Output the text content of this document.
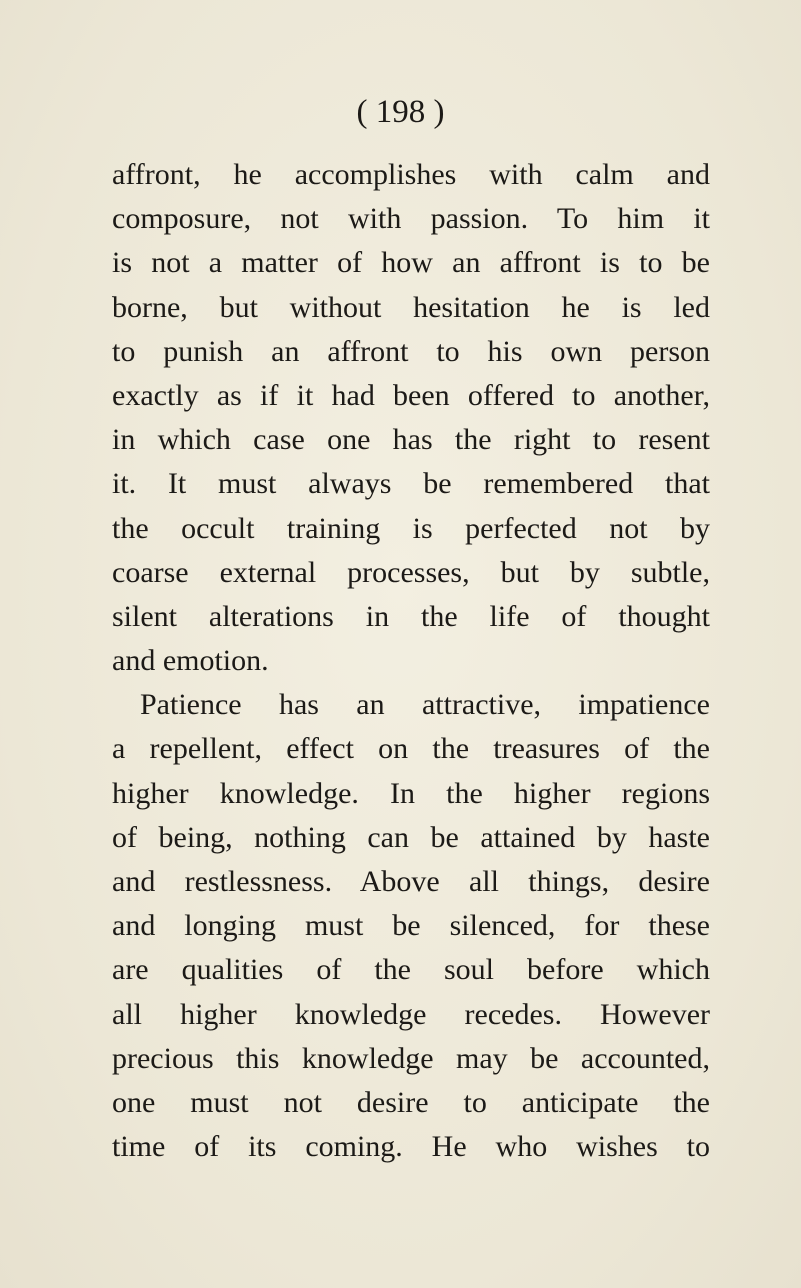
( 198 )
affront, he accomplishes with calm and
composure, not with passion. To him it
is not a matter of how an affront is to be
borne, but without hesitation he is led
to punish an affront to his own person
exactly as if it had been offered to another,
in which case one has the right to resent
it. It must always be remembered that
the occult training is perfected not by
coarse external processes, but by subtle,
silent alterations in the life of thought
and emotion.
Patience has an attractive, impatience
a repellent, effect on the treasures of the
higher knowledge. In the higher regions
of being, nothing can be attained by haste
and restlessness. Above all things, desire
and longing must be silenced, for these
are qualities of the soul before which
all higher knowledge recedes. However
precious this knowledge may be accounted,
one must not desire to anticipate the
time of its coming. He who wishes to
